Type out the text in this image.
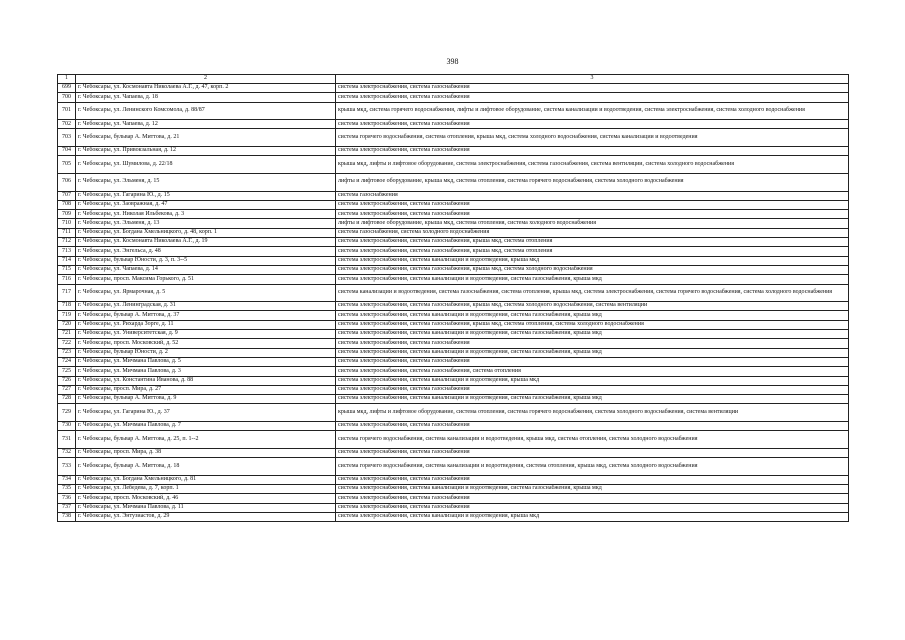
398
1	2	3
699	г. Чебоксары, ул. Космонавта Николаева А.Г., д. 47, корп. 2	система электроснабжения, система газоснабжения
700	г. Чебоксары, ул. Чапаева, д. 18	система электроснабжения, система газоснабжения
701	г. Чебоксары, ул. Ленинского Комсомола, д. 88/87	крыша мкд, система горячего водоснабжения, лифты и лифтовое оборудование, система канализации и водоотведения, система электроснабжения, система холодного водоснабжения
702	г. Чебоксары, ул. Чапаева, д. 12	система электроснабжения, система газоснабжения
703	г. Чебоксары, бульвар А. Миттова, д. 21	система горячего водоснабжения, система отопления, крыша мкд, система холодного водоснабжения, система канализации и водоотведения
704	г. Чебоксары, ул. Привокзальная, д. 12	система электроснабжения, система газоснабжения
705	г. Чебоксары, ул. Шумилова, д. 22/18	крыша мкд, лифты и лифтовое оборудование, система электроснабжения, система газоснабжения, система вентиляции, система холодного водоснабжения
706	г. Чебоксары, ул. Эльменя, д. 15	лифты и лифтовое оборудование, крыша мкд, система отопления, система горячего водоснабжения, система холодного водоснабжения
707	г. Чебоксары, ул. Гагарина Ю., д. 15	система газоснабжения
708	г. Чебоксары, ул. Заовражная, д. 47	система электроснабжения, система газоснабжения
709	г. Чебоксары, ул. Николая Ильбекова, д. 3	система электроснабжения, система газоснабжения
710	г. Чебоксары, ул. Эльменя, д. 13	лифты и лифтовое оборудование, крыша мкд, система отопления, система холодного водоснабжения
711	г. Чебоксары, ул. Богдана Хмельницкого, д. 48, корп. 1	система газоснабжения, система холодного водоснабжения
712	г. Чебоксары, ул. Космонавта Николаева А.Г., д. 19	система электроснабжения, система газоснабжения, крыша мкд, система отопления
713	г. Чебоксары, ул. Энгельса, д. 48	система электроснабжения, система газоснабжения, крыша мкд, система отопления
714	г. Чебоксары, бульвар Юности, д. 3, п. 3--5	система электроснабжения, система канализации и водоотведения, крыша мкд
715	г. Чебоксары, ул. Чапаева, д. 14	система электроснабжения, система газоснабжения, крыша мкд, система холодного водоснабжения
716	г. Чебоксары, просп. Максима Горького, д. 51	система электроснабжения, система канализации и водоотведения, система газоснабжения, крыша мкд
717	г. Чебоксары, ул. Ярмарочная, д. 5	система канализации и водоотведения, система газоснабжения, система отопления, крыша мкд, система электроснабжения, система горячего водоснабжения, система холодного водоснабжения
718	г. Чебоксары, ул. Ленинградская, д. 31	система электроснабжения, система газоснабжения, крыша мкд, система холодного водоснабжения, система вентиляции
719	г. Чебоксары, бульвар А. Миттова, д. 37	система электроснабжения, система канализации и водоотведения, система газоснабжения, крыша мкд
720	г. Чебоксары, ул. Рихарда Зорге, д. 11	система электроснабжения, система газоснабжения, крыша мкд, система отопления, система холодного водоснабжения
721	г. Чебоксары, ул. Университетская, д. 9	система электроснабжения, система канализации и водоотведения, система газоснабжения, крыша мкд
722	г. Чебоксары, просп. Московский, д. 52	система электроснабжения, система газоснабжения
723	г. Чебоксары, бульвар Юности, д. 2	система электроснабжения, система канализации и водоотведения, система газоснабжения, крыша мкд
724	г. Чебоксары, ул. Мичмана Павлова, д. 5	система электроснабжения, система газоснабжения
725	г. Чебоксары, ул. Мичмана Павлова, д. 3	система электроснабжения, система газоснабжения, система отопления
726	г. Чебоксары, ул. Константина Иванова, д. 88	система электроснабжения, система канализации и водоотведения, крыша мкд
727	г. Чебоксары, просп. Мира, д. 27	система электроснабжения, система газоснабжения
728	г. Чебоксары, бульвар А. Миттова, д. 9	система электроснабжения, система канализации и водоотведения, система газоснабжения, крыша мкд
729	г. Чебоксары, ул. Гагарина Ю., д. 37	крыша мкд, лифты и лифтовое оборудование, система отопления, система горячего водоснабжения, система холодного водоснабжения, система вентиляции
730	г. Чебоксары, ул. Мичмана Павлова, д. 7	система электроснабжения, система газоснабжения
731	г. Чебоксары, бульвар А. Миттова, д. 25, п. 1--2	система горячего водоснабжения, система канализации и водоотведения, крыша мкд, система отопления, система холодного водоснабжения
732	г. Чебоксары, просп. Мира, д. 38	система электроснабжения, система газоснабжения
733	г. Чебоксары, бульвар А. Миттова, д. 18	система горячего водоснабжения, система канализации и водоотведения, система отопления, крыша мкд, система холодного водоснабжения
734	г. Чебоксары, ул. Богдана Хмельницкого, д. 81	система электроснабжения, система газоснабжения
735	г. Чебоксары, ул. Лебедева, д. 7, корп. 1	система электроснабжения, система канализации и водоотведения, система газоснабжения, крыша мкд
736	г. Чебоксары, просп. Московский, д. 46	система электроснабжения, система газоснабжения
737	г. Чебоксары, ул. Мичмана Павлова, д. 11	система электроснабжения, система газоснабжения
738	г. Чебоксары, ул. Энтузиастов, д. 29	система электроснабжения, система канализации и водоотведения, крыша мкд
